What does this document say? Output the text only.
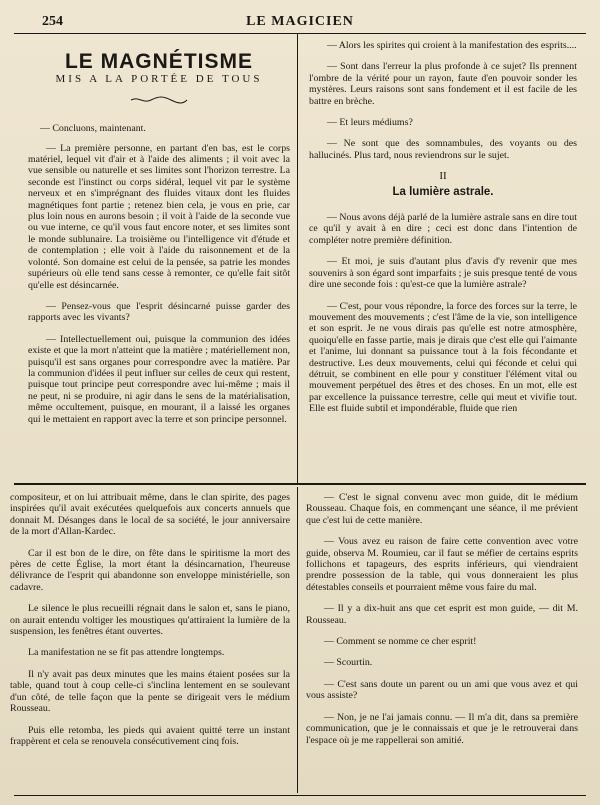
254	LE MAGICIEN
LE MAGNÉTISME
MIS A LA PORTÉE DE TOUS

— Concluons, maintenant.

— La première personne, en partant d'en bas, est le corps matériel, lequel vit d'air et à l'aide des aliments ; il voit avec la vue sensible ou naturelle et ses limites sont l'horizon terrestre. La seconde est l'instinct ou corps sidéral, lequel vit par le système nerveux et en s'imprégnant des fluides vitaux dont les fluides magnétiques font partie ; retenez bien cela, je vous en prie, car plus loin nous en aurons besoin ; il voit à l'aide de la seconde vue ou vue interne, ce qu'il vous faut encore noter, et ses limites sont le monde sublunaire. La troisième ou l'intelligence vit d'étude et de contemplation ; elle voit à l'aide du raisonnement et de la volonté. Son domaine est celui de la pensée, sa patrie les mondes supérieurs où elle tend sans cesse à remonter, ce qu'elle fait sitôt qu'elle est désincarnée.

— Pensez-vous que l'esprit désincarné puisse garder des rapports avec les vivants?

— Intellectuellement oui, puisque la communion des idées existe et que la mort n'atteint que la matière ; matériellement non, puisqu'il est sans organes pour correspondre avec la matière. Par la communion d'idées il peut influer sur celles de ceux qui restent, puisque tout principe peut correspondre avec lui-même ; mais il ne peut, ni se produire, ni agir dans le sens de la matérialisation, même occultement, puisque, en mourant, il a laissé les organes qui le mettaient en rapport avec la terre et son principe personnel.

— Alors les spirites qui croient à la manifestation des esprits....

— Sont dans l'erreur la plus profonde à ce sujet? Ils prennent l'ombre de la vérité pour un rayon, faute d'en pouvoir sonder les mystères. Leurs raisons sont sans fondement et il est facile de les battre en brèche.

— Et leurs médiums?

— Ne sont que des somnambules, des voyants ou des hallucinés. Plus tard, nous reviendrons sur le sujet.

II
La lumière astrale.

— Nous avons déjà parlé de la lumière astrale sans en dire tout ce qu'il y avait à en dire ; ceci est donc dans l'intention de compléter notre première définition.

— Et moi, je suis d'autant plus d'avis d'y revenir que mes souvenirs à son égard sont imparfaits ; je suis presque tenté de vous dire une seconde fois : qu'est-ce que la lumière astrale?

— C'est, pour vous répondre, la force des forces sur la terre, le mouvement des mouvements ; c'est l'âme de la vie, son intelligence et son esprit. Je ne vous dirais pas qu'elle est notre atmosphère, quoiqu'elle en fasse partie, mais je dirais que c'est elle qui l'aimante et l'anime, lui donnant sa puissance tout à la fois fécondante et destructive. Les deux mouvements, celui qui féconde et celui qui détruit, se combinent en elle pour y constituer l'élément vital ou mouvement perpétuel des êtres et des choses. En un mot, elle est par excellence la puissance terrestre, celle qui meut et vivifie tout. Elle est fluide subtil et impondérable, fluide que rien

compositeur, et on lui attribuait même, dans le clan spirite, des pages inspirées qu'il avait exécutées quelquefois aux concerts annuels que donnait M. Désanges dans le local de sa société, le jour anniversaire de la mort d'Allan-Kardec.

Car il est bon de le dire, on fête dans le spiritisme la mort des pères de cette Église, la mort étant la désincarnation, l'heureuse délivrance de l'esprit qui abandonne son enveloppe ministérielle, son cadavre.

Le silence le plus recueilli régnait dans le salon et, sans le piano, on aurait entendu voltiger les moustiques qu'attiraient la lumière de la suspension, les fenêtres étant ouvertes.

La manifestation ne se fit pas attendre longtemps.

Il n'y avait pas deux minutes que les mains étaient posées sur la table, quand tout à coup celle-ci s'inclina lentement en se soulevant d'un côté, de telle façon que la pente se dirigeait vers le médium Rousseau.

Puis elle retomba, les pieds qui avaient quitté terre un instant frappèrent et cela se renouvela consécutivement cinq fois.

— C'est le signal convenu avec mon guide, dit le médium Rousseau. Chaque fois, en commençant une séance, il me prévient que c'est lui de cette manière.

— Vous avez eu raison de faire cette convention avec votre guide, observa M. Roumieu, car il faut se méfier de certains esprits follichons et tapageurs, des esprits inférieurs, qui viendraient prendre possession de la table, qui vous donneraient les plus détestables conseils et pourraient même vous faire du mal.

— Il y a dix-huit ans que cet esprit est mon guide, — dit M. Rousseau.

— Comment se nomme ce cher esprit!

— Scourtin.

— C'est sans doute un parent ou un ami que vous avez et qui vous assiste?

— Non, je ne l'ai jamais connu. — Il m'a dit, dans sa première communication, que je le connaissais et que je le retrouverai dans l'espace où je me rappellerai son amitié.
